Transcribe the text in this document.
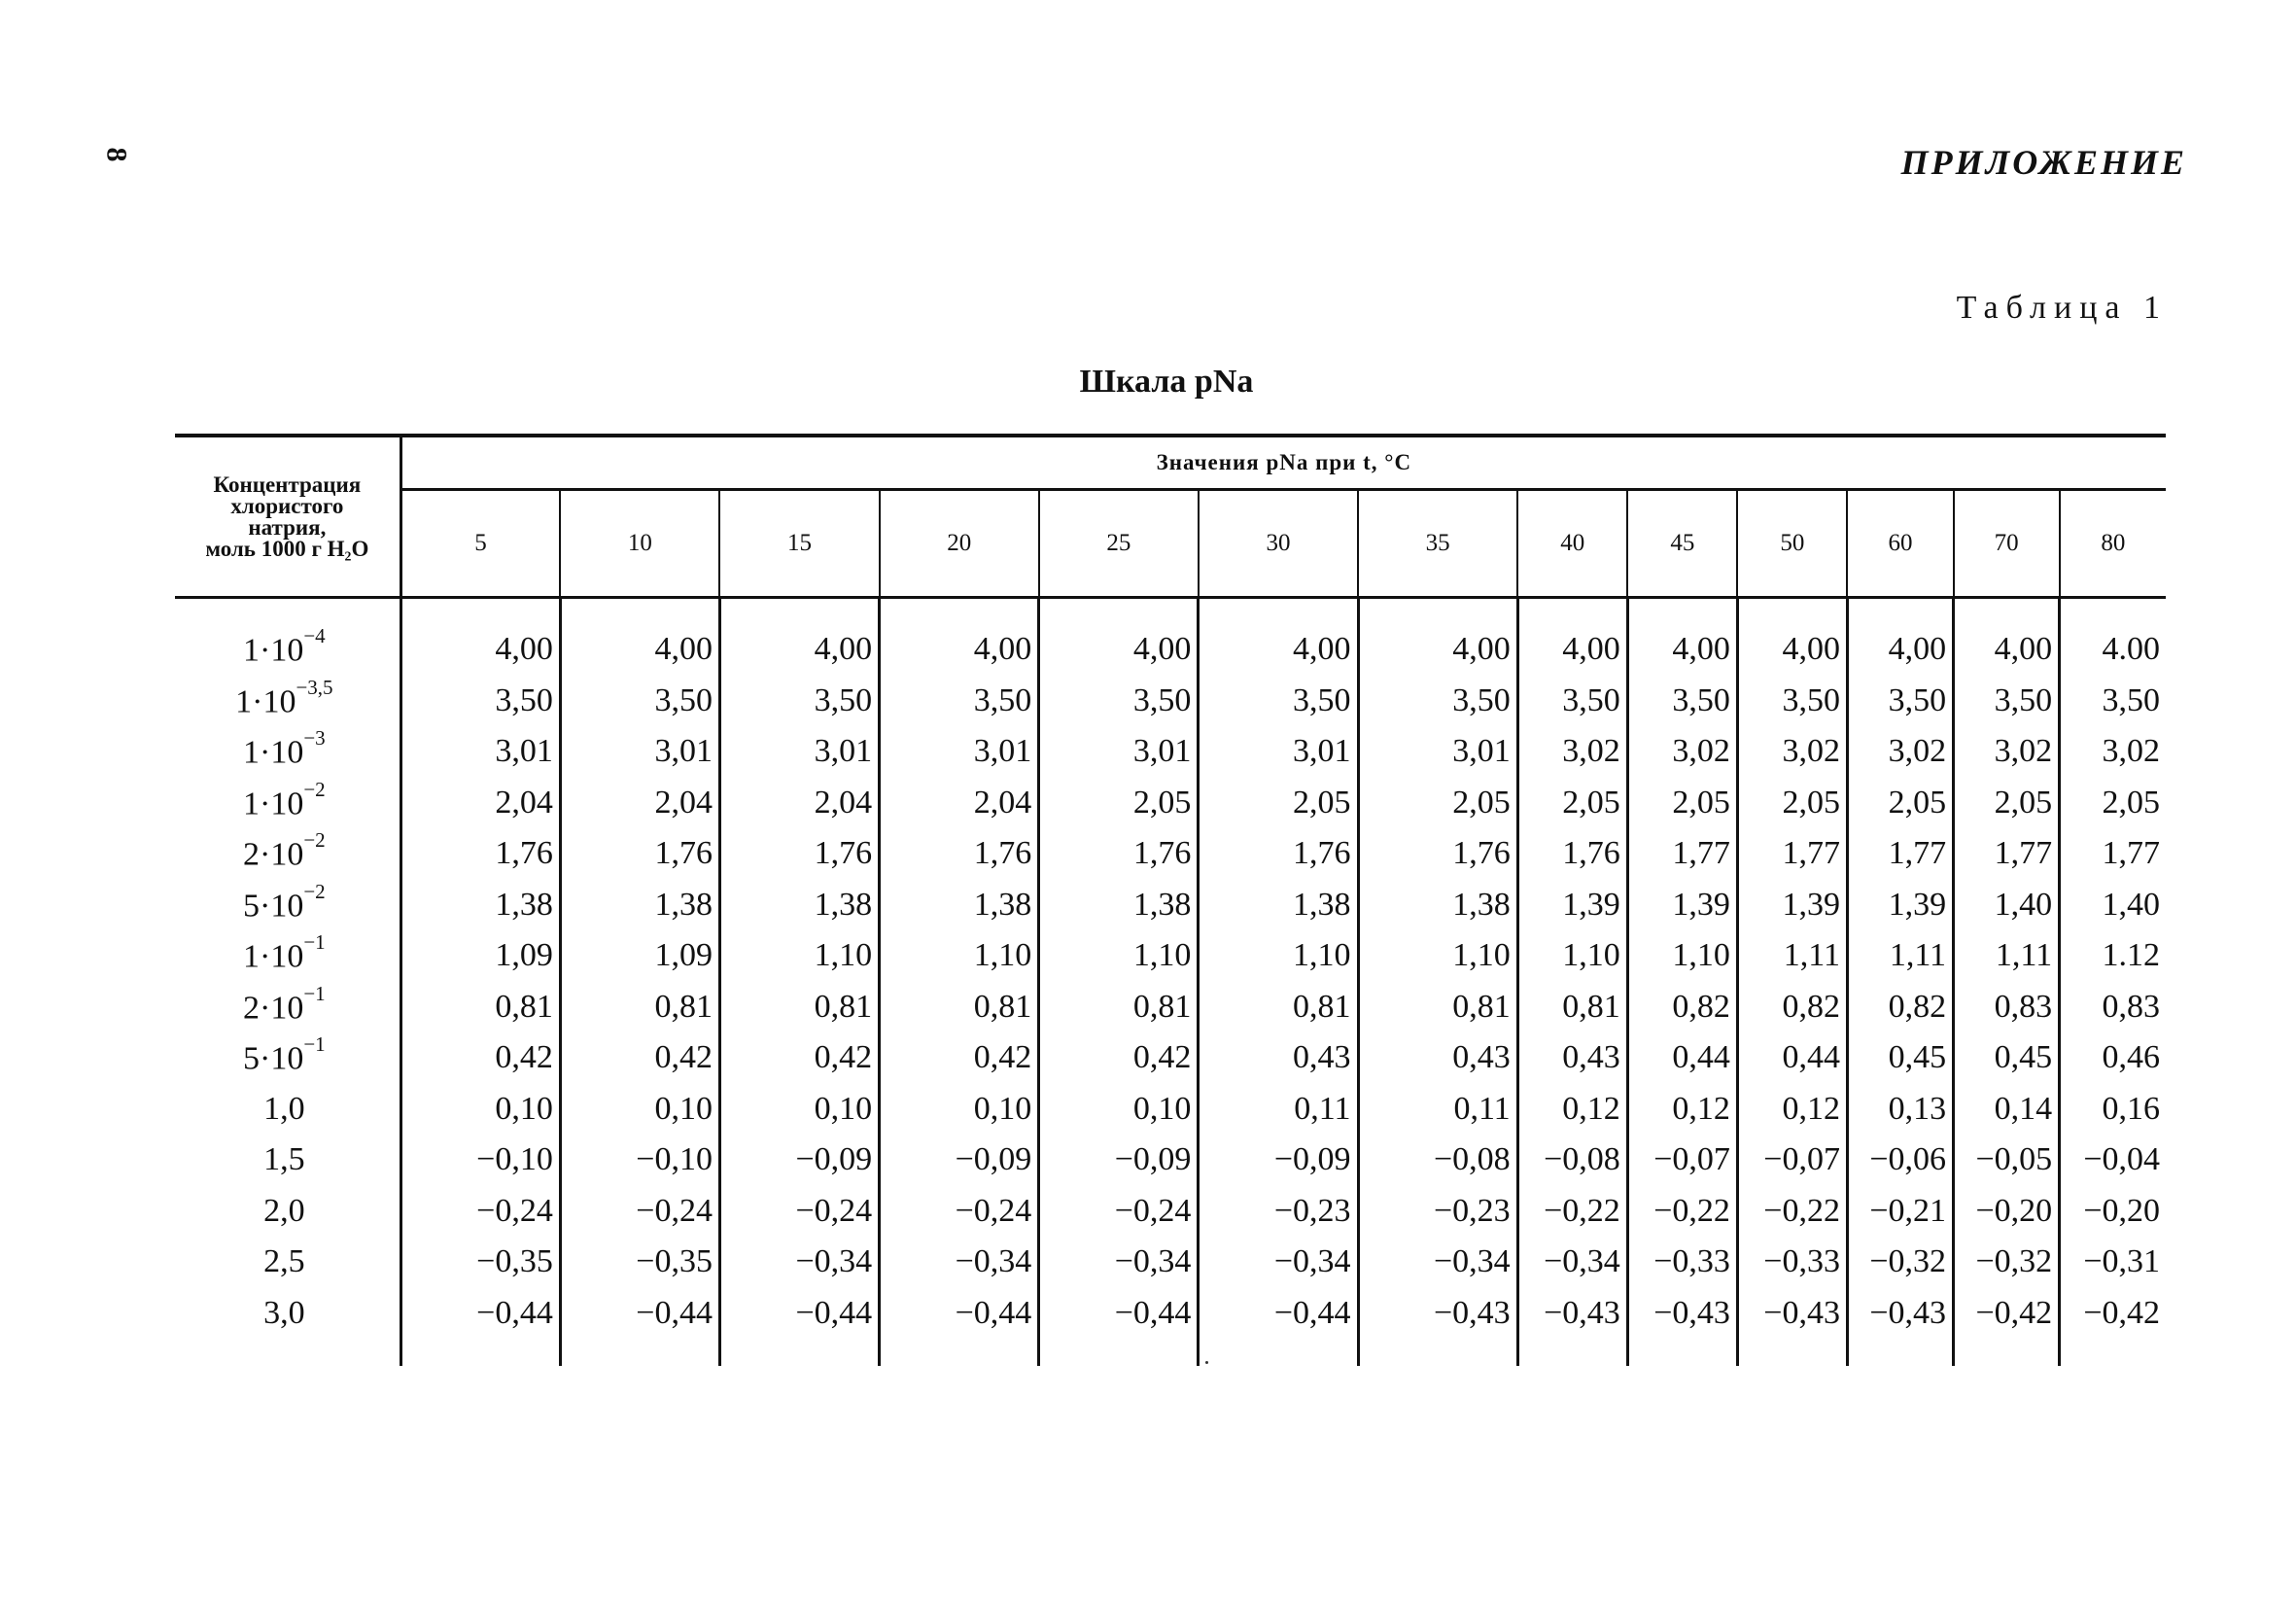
8	ПРИЛОЖЕНИЕ
Таблица 1
Шкала pNa
Концентрация
хлористого
натрия,
моль 1000 г H₂O	Значения pNa при t, °C												
	5	10	15	20	25	30	35	40	45	50	60	70	80
$1\cdot 10^{-4}$	4,00	4,00	4,00	4,00	4,00	4,00	4,00	4,00	4,00	4,00	4,00	4,00	4.00
$1\cdot 10^{-3,5}$	3,50	3,50	3,50	3,50	3,50	3,50	3,50	3,50	3,50	3,50	3,50	3,50	3,50
$1\cdot 10^{-3}$	3,01	3,01	3,01	3,01	3,01	3,01	3,01	3,02	3,02	3,02	3,02	3,02	3,02
$1\cdot 10^{-2}$	2,04	2,04	2,04	2,04	2,05	2,05	2,05	2,05	2,05	2,05	2,05	2,05	2,05
$2\cdot 10^{-2}$	1,76	1,76	1,76	1,76	1,76	1,76	1,76	1,76	1,77	1,77	1,77	1,77	1,77
$5\cdot 10^{-2}$	1,38	1,38	1,38	1,38	1,38	1,38	1,38	1,39	1,39	1,39	1,39	1,40	1,40
$1\cdot 10^{-1}$	1,09	1,09	1,10	1,10	1,10	1,10	1,10	1,10	1,10	1,11	1,11	1,11	1.12
$2\cdot 10^{-1}$	0,81	0,81	0,81	0,81	0,81	0,81	0,81	0,81	0,82	0,82	0,82	0,83	0,83
$5\cdot 10^{-1}$	0,42	0,42	0,42	0,42	0,42	0,43	0,43	0,43	0,44	0,44	0,45	0,45	0,46
1,0	0,10	0,10	0,10	0,10	0,10	0,11	0,11	0,12	0,12	0,12	0,13	0,14	0,16
1,5	−0,10	−0,10	−0,09	−0,09	−0,09	−0,09	−0,08	−0,08	−0,07	−0,07	−0,06	−0,05	−0,04
2,0	−0,24	−0,24	−0,24	−0,24	−0,24	−0,23	−0,23	−0,22	−0,22	−0,22	−0,21	−0,20	−0,20
2,5	−0,35	−0,35	−0,34	−0,34	−0,34	−0,34	−0,34	−0,34	−0,33	−0,33	−0,32	−0,32	−0,31
3,0	−0,44	−0,44	−0,44	−0,44	−0,44	−0,44	−0,43	−0,43	−0,43	−0,43	−0,43	−0,42	−0,42
